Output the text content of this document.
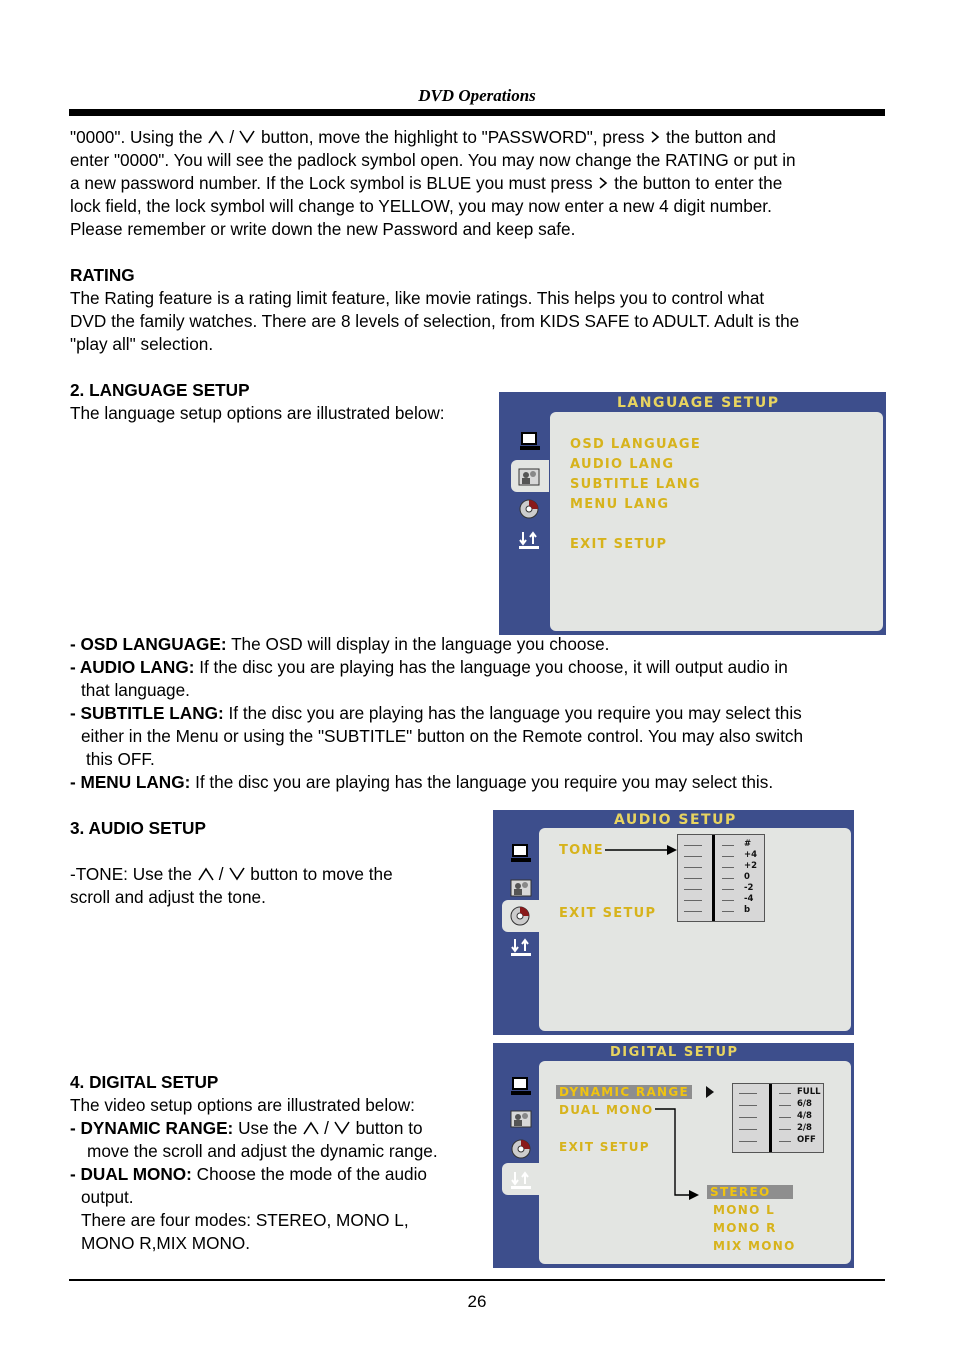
DVD Operations
"0000". Using the / button, move the highlight to "PASSWORD", press the button and
enter "0000". You will see the padlock symbol open. You may now change the RATING or put in
a new password number. If the Lock symbol is BLUE you must press the button to enter the
lock field, the lock symbol will change to YELLOW, you may now enter a new 4 digit number.
Please remember or write down the new Password and keep safe.
RATING
The Rating feature is a rating limit feature, like movie ratings. This helps you to control what
DVD the family watches. There are 8 levels of selection, from KIDS SAFE to ADULT. Adult is the
"play all" selection.
2. LANGUAGE SETUP
The language setup options are illustrated below:	LANGUAGE SETUP
OSD LANGUAGE
AUDIO LANG
SUBTITLE LANG
MENU LANG
EXIT SETUP
- OSD LANGUAGE: The OSD will display in the language you choose.
- AUDIO LANG: If the disc you are playing has the language you choose, it will output audio in
that language.
- SUBTITLE LANG: If the disc you are playing has the language you require you may select this
either in the Menu or using the "SUBTITLE" button on the Remote control. You may also switch
this OFF.
- MENU LANG: If the disc you are playing has the language you require you may select this.
3. AUDIO SETUP
-TONE: Use the / button to move the
scroll and adjust the tone.
AUDIO SETUP
TONE
EXIT SETUP
#
+4
+2
0
-2
-4
b
4. DIGITAL SETUP
The video setup options are illustrated below:
- DYNAMIC RANGE: Use the / button to
move the scroll and adjust the dynamic range.
- DUAL MONO: Choose the mode of the audio
output.
There are four modes: STEREO, MONO L,
MONO R,MIX MONO.
DIGITAL SETUP
DYNAMIC RANGE
DUAL MONO
EXIT SETUP
FULL
6/8
4/8
2/8
OFF
STEREO
MONO L
MONO R
MIX MONO
26
